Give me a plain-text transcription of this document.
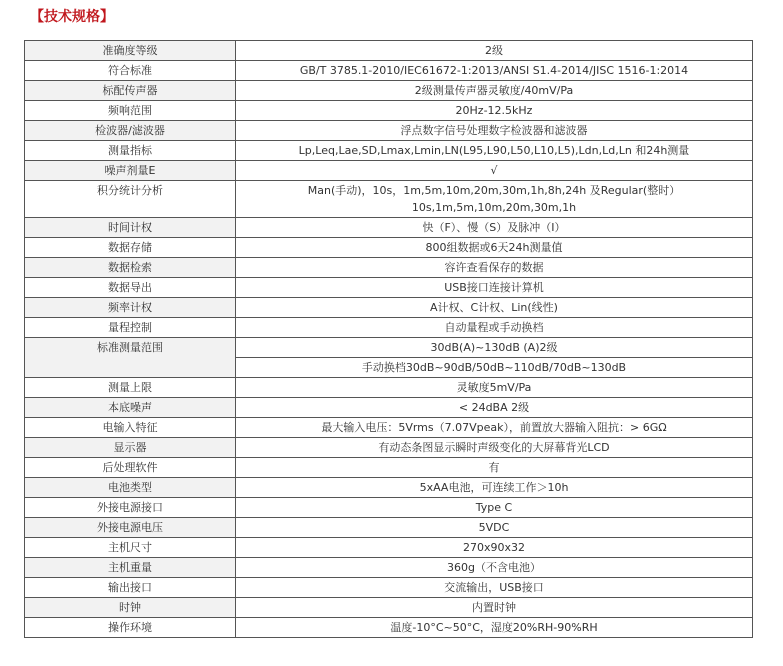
【技术规格】
准确度等级	2级
符合标准	GB/T 3785.1-2010/IEC61672-1:2013/ANSI S1.4-2014/JISC 1516-1:2014
标配传声器	2级测量传声器灵敏度/40mV/Pa
频响范围	20Hz-12.5kHz
检波器/滤波器	浮点数字信号处理数字检波器和滤波器
测量指标	Lp,Leq,Lae,SD,Lmax,Lmin,LN(L95,L90,L50,L10,L5),Ldn,Ld,Ln 和24h测量
噪声剂量E	√
积分统计分析	Man(手动)，10s，1m,5m,10m,20m,30m,1h,8h,24h 及Regular(整时）
10s,1m,5m,10m,20m,30m,1h

时间计权	快（F）、慢（S）及脉冲（I）
数据存储	800组数据或6天24h测量值
数据检索	容许查看保存的数据
数据导出	USB接口连接计算机
频率计权	A计权、C计权、Lin(线性)
量程控制	自动量程或手动换档
标准测量范围	30dB(A)~130dB (A)2级
	手动换档30dB~90dB/50dB~110dB/70dB~130dB
测量上限	灵敏度5mV/Pa
本底噪声	< 24dBA 2级
电输入特征	最大输入电压：5Vrms（7.07Vpeak），前置放大器输入阻抗：> 6GΩ
显示器	有动态条图显示瞬时声级变化的大屏幕背光LCD
后处理软件	有
电池类型	5xAA电池，可连续工作＞10h
外接电源接口	Type C
外接电源电压	5VDC
主机尺寸	270x90x32
主机重量	360g（不含电池）
输出接口	交流输出，USB接口
时钟	内置时钟
操作环境	温度-10°C~50°C，湿度20%RH-90%RH
